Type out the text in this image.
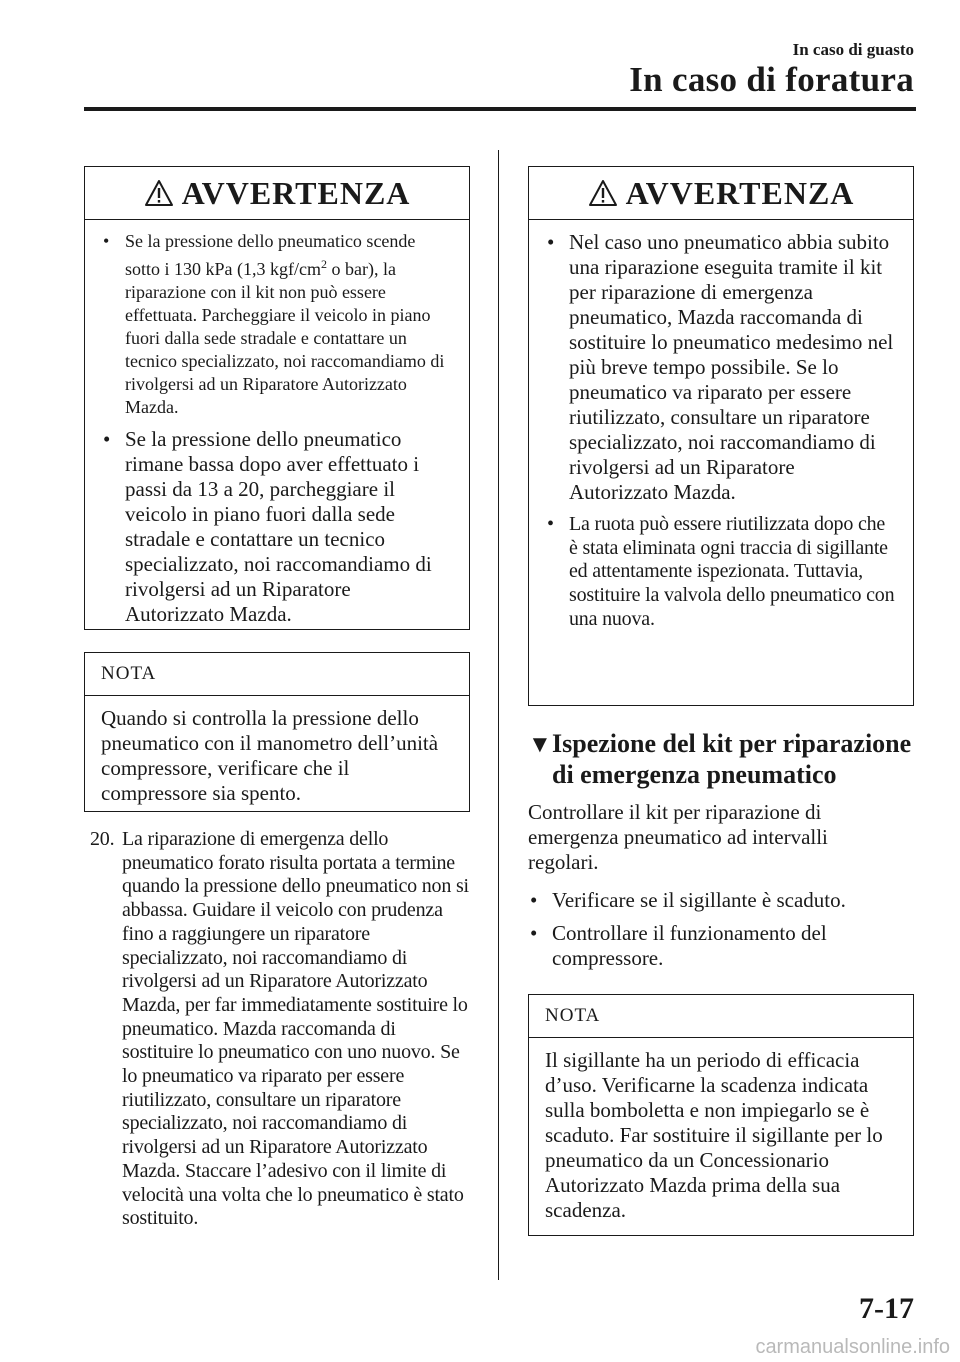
In caso di guasto
In caso di foratura
AVVERTENZA
• Se la pressione dello pneumatico scende sotto i 130 kPa (1,3 kgf/$cm^2$ o bar), la riparazione con il kit non può essere effettuata. Parcheggiare il veicolo in piano fuori dalla sede stradale e contattare un tecnico specializzato, noi raccomandiamo di rivolgersi ad un Riparatore Autorizzato Mazda.
• Se la pressione dello pneumatico rimane bassa dopo aver effettuato i passi da 13 a 20, parcheggiare il veicolo in piano fuori dalla sede stradale e contattare un tecnico specializzato, noi raccomandiamo di rivolgersi ad un Riparatore Autorizzato Mazda.
NOTA
Quando si controlla la pressione dello pneumatico con il manometro dell’unità compressore, verificare che il compressore sia spento.
20. La riparazione di emergenza dello pneumatico forato risulta portata a termine quando la pressione dello pneumatico non si abbassa. Guidare il veicolo con prudenza fino a raggiungere un riparatore specializzato, noi raccomandiamo di rivolgersi ad un Riparatore Autorizzato Mazda, per far immediatamente sostituire lo pneumatico. Mazda raccomanda di sostituire lo pneumatico con uno nuovo. Se lo pneumatico va riparato per essere riutilizzato, consultare un riparatore specializzato, noi raccomandiamo di rivolgersi ad un Riparatore Autorizzato Mazda. Staccare l’adesivo con il limite di velocità una volta che lo pneumatico è stato sostituito.
AVVERTENZA
• Nel caso uno pneumatico abbia subito una riparazione eseguita tramite il kit per riparazione di emergenza pneumatico, Mazda raccomanda di sostituire lo pneumatico medesimo nel più breve tempo possibile. Se lo pneumatico va riparato per essere riutilizzato, consultare un riparatore specializzato, noi raccomandiamo di rivolgersi ad un Riparatore Autorizzato Mazda.
• La ruota può essere riutilizzata dopo che è stata eliminata ogni traccia di sigillante ed attentamente ispezionata. Tuttavia, sostituire la valvola dello pneumatico con una nuova.
▼ Ispezione del kit per riparazione di emergenza pneumatico
Controllare il kit per riparazione di emergenza pneumatico ad intervalli regolari.
• Verificare se il sigillante è scaduto.
• Controllare il funzionamento del compressore.
NOTA
Il sigillante ha un periodo di efficacia d’uso. Verificarne la scadenza indicata sulla bomboletta e non impiegarlo se è scaduto. Far sostituire il sigillante per lo pneumatico da un Concessionario Autorizzato Mazda prima della sua scadenza.
7-17
carmanualsonline.info
